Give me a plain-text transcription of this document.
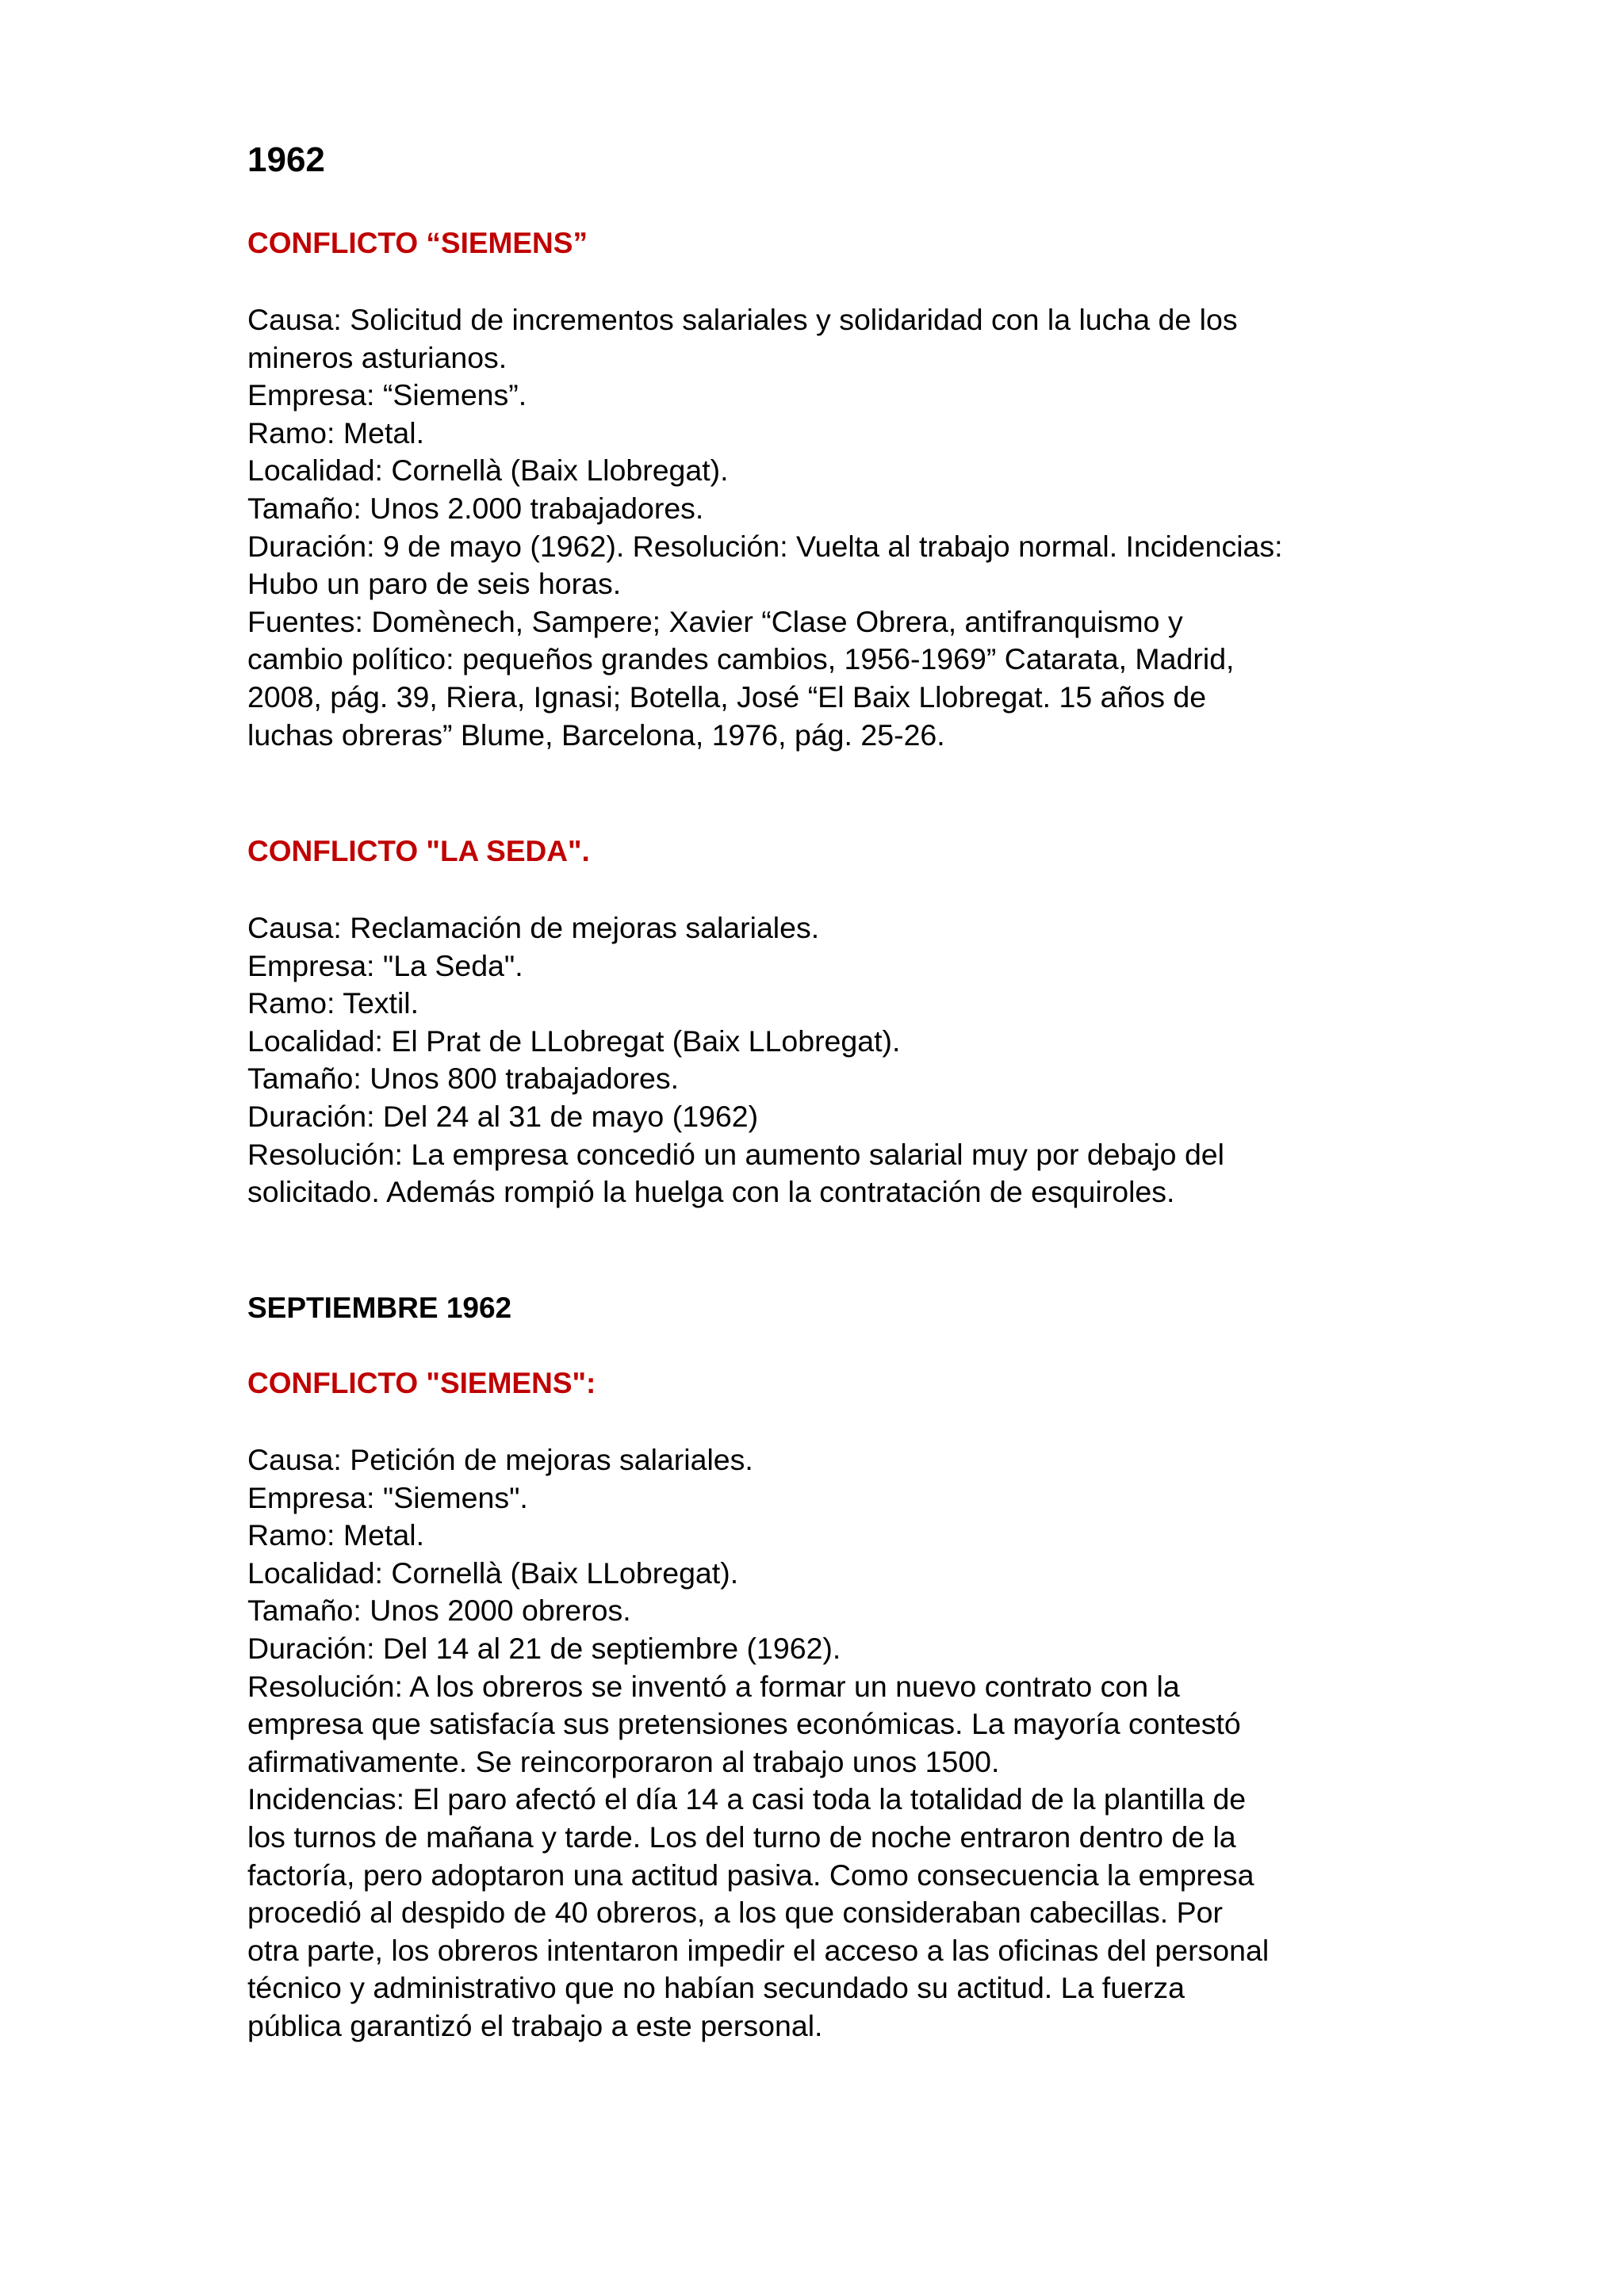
1962
CONFLICTO “SIEMENS”
Causa: Solicitud de incrementos salariales y solidaridad con la lucha de los
mineros asturianos.
Empresa: “Siemens”.
Ramo: Metal.
Localidad: Cornellà (Baix Llobregat).
Tamaño: Unos 2.000 trabajadores.
Duración: 9 de mayo (1962). Resolución: Vuelta al trabajo normal. Incidencias:
Hubo un paro de seis horas.
Fuentes: Domènech, Sampere; Xavier “Clase Obrera, antifranquismo y
cambio político: pequeños grandes cambios, 1956-1969” Catarata, Madrid,
2008, pág. 39, Riera, Ignasi; Botella, José “El Baix Llobregat. 15 años de
luchas obreras” Blume, Barcelona, 1976, pág. 25-26.
CONFLICTO "LA SEDA".
Causa: Reclamación de mejoras salariales.
Empresa: "La Seda".
Ramo: Textil.
Localidad: El Prat de LLobregat (Baix LLobregat).
Tamaño: Unos 800 trabajadores.
Duración: Del 24 al 31 de mayo (1962)
Resolución: La empresa concedió un aumento salarial muy por debajo del
solicitado. Además rompió la huelga con la contratación de esquiroles.
SEPTIEMBRE 1962
CONFLICTO "SIEMENS":
Causa: Petición de mejoras salariales.
Empresa: "Siemens".
Ramo: Metal.
Localidad: Cornellà (Baix LLobregat).
Tamaño: Unos 2000 obreros.
Duración: Del 14 al 21 de septiembre (1962).
Resolución: A los obreros se inventó a formar un nuevo contrato con la
empresa que satisfacía sus pretensiones económicas. La mayoría contestó
afirmativamente. Se reincorporaron al trabajo unos 1500.
Incidencias: El paro afectó el día 14 a casi toda la totalidad de la plantilla de
los turnos de mañana y tarde. Los del turno de noche entraron dentro de la
factoría, pero adoptaron una actitud pasiva. Como consecuencia la empresa
procedió al despido de 40 obreros, a los que consideraban cabecillas. Por
otra parte, los obreros intentaron impedir el acceso a las oficinas del personal
técnico y administrativo que no habían secundado su actitud. La fuerza
pública garantizó el trabajo a este personal.
